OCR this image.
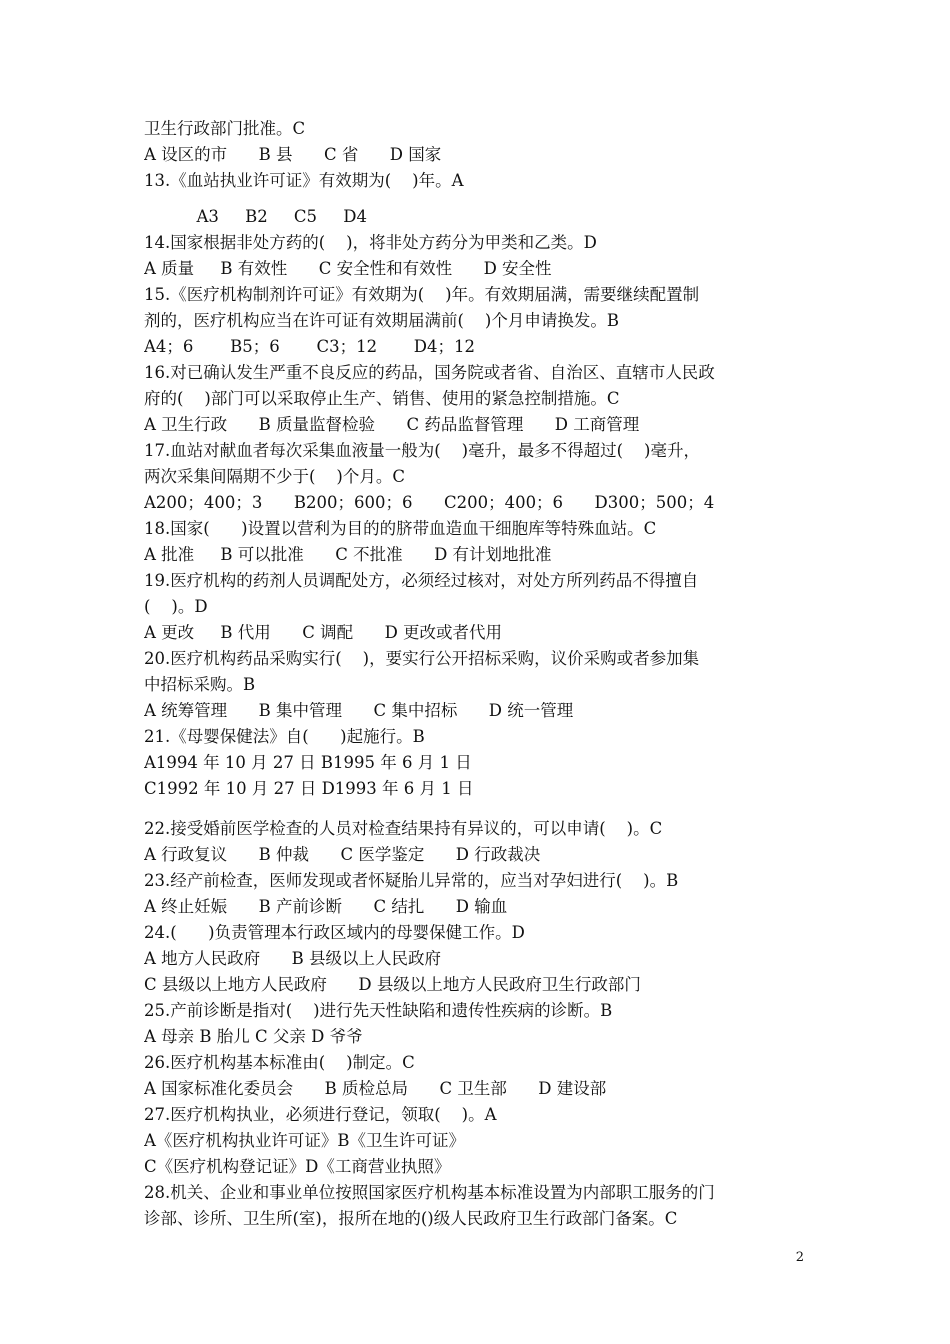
卫生行政部门批准。C
A 设区的市      B 县      C 省      D 国家
13.《血站执业许可证》有效期为(    )年。A
A3     B2     C5     D4
14.国家根据非处方药的(    )，将非处方药分为甲类和乙类。D
A 质量     B 有效性      C 安全性和有效性      D 安全性
15.《医疗机构制剂许可证》有效期为(    )年。有效期届满，需要继续配置制
剂的，医疗机构应当在许可证有效期届满前(    )个月申请换发。B
A4；6       B5；6       C3；12       D4；12
16.对已确认发生严重不良反应的药品，国务院或者省、自治区、直辖市人民政
府的(    )部门可以采取停止生产、销售、使用的紧急控制措施。C
A 卫生行政      B 质量监督检验      C 药品监督管理      D 工商管理
17.血站对献血者每次采集血液量一般为(    )毫升，最多不得超过(    )毫升，
两次采集间隔期不少于(    )个月。C
A200；400；3      B200；600；6      C200；400；6      D300；500；4
18.国家(      )设置以营利为目的的脐带血造血干细胞库等特殊血站。C
A 批准     B 可以批准      C 不批准      D 有计划地批准
19.医疗机构的药剂人员调配处方，必须经过核对，对处方所列药品不得擅自
(    )。D
A 更改     B 代用      C 调配      D 更改或者代用
20.医疗机构药品采购实行(    )，要实行公开招标采购，议价采购或者参加集
中招标采购。B
A 统筹管理      B 集中管理      C 集中招标      D 统一管理
21.《母婴保健法》自(      )起施行。B
A1994 年 10 月 27 日 B1995 年 6 月 1 日
C1992 年 10 月 27 日 D1993 年 6 月 1 日
22.接受婚前医学检查的人员对检查结果持有异议的，可以申请(    )。C
A 行政复议      B 仲裁      C 医学鉴定      D 行政裁决
23.经产前检查，医师发现或者怀疑胎儿异常的，应当对孕妇进行(    )。B
A 终止妊娠      B 产前诊断      C 结扎      D 输血
24.(      )负责管理本行政区域内的母婴保健工作。D
A 地方人民政府      B 县级以上人民政府
C 县级以上地方人民政府      D 县级以上地方人民政府卫生行政部门
25.产前诊断是指对(    )进行先天性缺陷和遗传性疾病的诊断。B
A 母亲 B 胎儿 C 父亲 D 爷爷
26.医疗机构基本标准由(    )制定。C
A 国家标准化委员会      B 质检总局      C 卫生部      D 建设部
27.医疗机构执业，必须进行登记，领取(    )。A
A《医疗机构执业许可证》B《卫生许可证》
C《医疗机构登记证》D《工商营业执照》
28.机关、企业和事业单位按照国家医疗机构基本标准设置为内部职工服务的门
诊部、诊所、卫生所(室)，报所在地的()级人民政府卫生行政部门备案。C
2
